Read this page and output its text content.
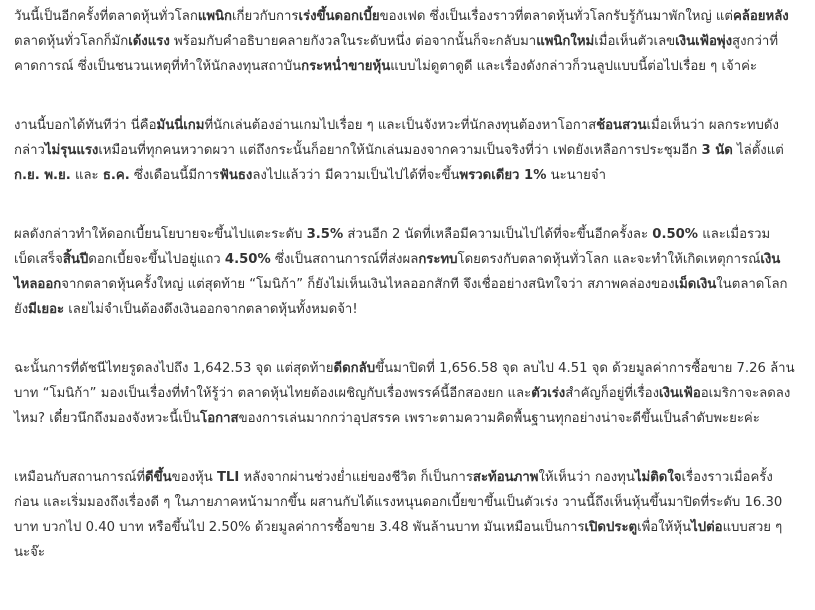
วันนี้เป็นอีกครั้งที่ตลาดหุ้นทั่วโลกแพนิกเกี่ยวกับการเร่งขึ้นดอกเบี้ยของเฟด ซึ่งเป็นเรื่องราวที่ตลาดหุ้นทั่วโลกรับรู้กันมาพักใหญ่ แต่คล้อยหลังตลาดหุ้นทั่วโลกก็มักเด้งแรง พร้อมกับคำอธิบายคลายกังวลในระดับหนึ่ง ต่อจากนั้นก็จะกลับมาแพนิกใหม่เมื่อเห็นตัวเลขเงินเฟ้อพุ่งสูงกว่าที่คาดการณ์ ซึ่งเป็นชนวนเหตุที่ทำให้นักลงทุนสถาบันกระหน่ำขายหุ้นแบบไม่ดูตาดูดี และเรื่องดังกล่าวก็วนลูปแบบนี้ต่อไปเรื่อย ๆ เจ้าค่ะ

งานนี้บอกได้ทันทีว่า นี่คือมันนี่เกมที่นักเล่นต้องอ่านเกมไปเรื่อย ๆ และเป็นจังหวะที่นักลงทุนต้องหาโอกาสช้อนสวนเมื่อเห็นว่า ผลกระทบดังกล่าวไม่รุนแรงเหมือนที่ทุกคนหวาดผวา แต่ถึงกระนั้นก็อยากให้นักเล่นมองจากความเป็นจริงที่ว่า เฟดยังเหลือการประชุมอีก 3 นัด ไล่ตั้งแต่ ก.ย. พ.ย. และ ธ.ค. ซึ่งเดือนนี้มีการฟันธงลงไปแล้วว่า มีความเป็นไปได้ที่จะขึ้นพรวดเดียว 1% นะนายจ๋า

ผลดังกล่าวทำให้ดอกเบี้ยนโยบายจะขึ้นไปแตะระดับ 3.5% ส่วนอีก 2 นัดที่เหลือมีความเป็นไปได้ที่จะขึ้นอีกครั้งละ 0.50% และเมื่อรวมเบ็ดเสร็จสิ้นปีดอกเบี้ยจะขึ้นไปอยู่แถว 4.50% ซึ่งเป็นสถานการณ์ที่ส่งผลกระทบโดยตรงกับตลาดหุ้นทั่วโลก และจะทำให้เกิดเหตุการณ์เงินไหลออกจากตลาดหุ้นครั้งใหญ่ แต่สุดท้าย “โมนิก้า” ก็ยังไม่เห็นเงินไหลออกสักที จึงเชื่ออย่างสนิทใจว่า สภาพคล่องของเม็ดเงินในตลาดโลกยังมีเยอะ เลยไม่จำเป็นต้องดึงเงินออกจากตลาดหุ้นทั้งหมดจ้า!

ฉะนั้นการที่ดัชนีไทยรูดลงไปถึง 1,642.53 จุด แต่สุดท้ายดีดกลับขึ้นมาปิดที่ 1,656.58 จุด ลบไป 4.51 จุด ด้วยมูลค่าการซื้อขาย 7.26 ล้านบาท “โมนิก้า” มองเป็นเรื่องที่ทำให้รู้ว่า ตลาดหุ้นไทยต้องเผชิญกับเรื่องพรรค์นี้อีกสองยก และตัวเร่งสำคัญก็อยู่ที่เรื่องเงินเฟ้ออเมริกาจะลดลงไหม? เดี๋ยวนึกถึงมองจังหวะนี้เป็นโอกาสของการเล่นมากกว่าอุปสรรค เพราะตามความคิดพื้นฐานทุกอย่างน่าจะดีขึ้นเป็นลำดับพะยะค่ะ

เหมือนกับสถานการณ์ที่ดีขึ้นของหุ้น TLI หลังจากผ่านช่วงย่ำแย่ของชีวิต ก็เป็นการสะท้อนภาพให้เห็นว่า กองทุนไม่ติดใจเรื่องราวเมื่อครั้งก่อน และเริ่มมองถึงเรื่องดี ๆ ในภายภาคหน้ามากขึ้น ผสานกับได้แรงหนุนดอกเบี้ยขาขึ้นเป็นตัวเร่ง วานนี้ถึงเห็นหุ้นขึ้นมาปิดที่ระดับ 16.30 บาท บวกไป 0.40 บาท หรือขึ้นไป 2.50% ด้วยมูลค่าการซื้อขาย 3.48 พันล้านบาท มันเหมือนเป็นการเปิดประตูเพื่อให้หุ้นไปต่อแบบสวย ๆ นะจ๊ะ
